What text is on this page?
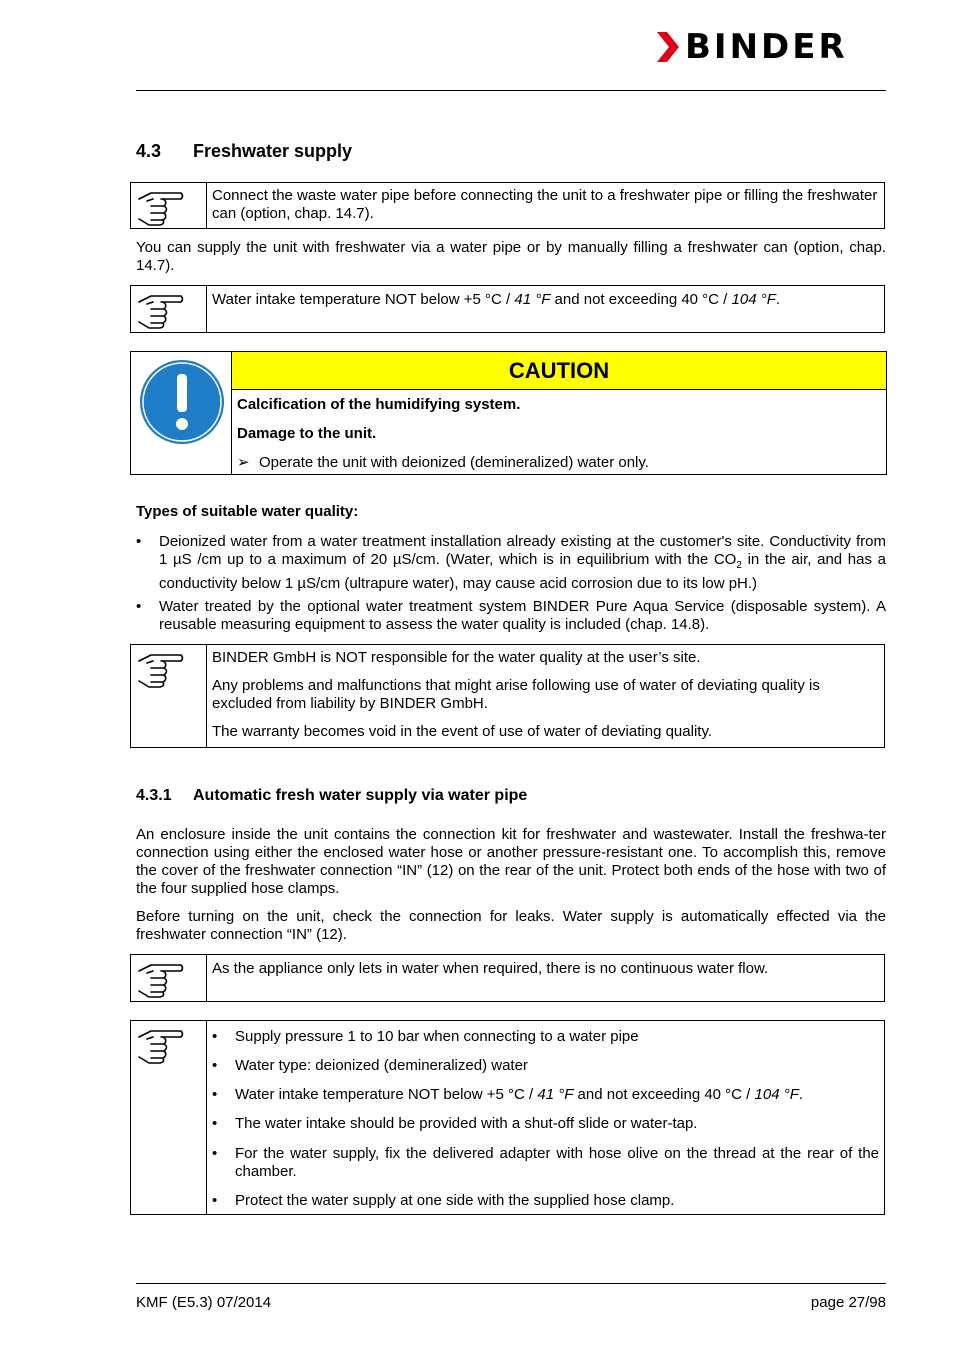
BINDER
4.3 Freshwater supply
Connect the waste water pipe before connecting the unit to a freshwater pipe or filling the freshwater can (option, chap. 14.7).
You can supply the unit with freshwater via a water pipe or by manually filling a freshwater can (option, chap. 14.7).
Water intake temperature NOT below +5 °C / 41 °F and not exceeding 40 °C / 104 °F.
CAUTION
Calcification of the humidifying system.
Damage to the unit.
➢ Operate the unit with deionized (demineralized) water only.
Types of suitable water quality:
•	Deionized water from a water treatment installation already existing at the customer's site. Conductivity from 1 µS /cm up to a maximum of 20 µS/cm. (Water, which is in equilibrium with the $CO_2$ in the air, and has a conductivity below 1 µS/cm (ultrapure water), may cause acid corrosion due to its low pH.)
•	Water treated by the optional water treatment system BINDER Pure Aqua Service (disposable system). A reusable measuring equipment to assess the water quality is included (chap. 14.8).

BINDER GmbH is NOT responsible for the water quality at the user’s site.

Any problems and malfunctions that might arise following use of water of deviating quality is excluded from liability by BINDER GmbH.

The warranty becomes void in the event of use of water of deviating quality.

4.3.1 Automatic fresh water supply via water pipe
An enclosure inside the unit contains the connection kit for freshwater and wastewater. Install the freshwa-ter connection using either the enclosed water hose or another pressure-resistant one. To accomplish this, remove the cover of the freshwater connection “IN” (12) on the rear of the unit. Protect both ends of the hose with two of the four supplied hose clamps.
Before turning on the unit, check the connection for leaks. Water supply is automatically effected via the freshwater connection “IN” (12).
As the appliance only lets in water when required, there is no continuous water flow.
•	Supply pressure 1 to 10 bar when connecting to a water pipe
•	Water type: deionized (demineralized) water
•	Water intake temperature NOT below +5 °C / 41 °F and not exceeding 40 °C / 104 °F.
•	The water intake should be provided with a shut-off slide or water-tap.
•	For the water supply, fix the delivered adapter with hose olive on the thread at the rear of the chamber.
•	Protect the water supply at one side with the supplied hose clamp.
KMF (E5.3) 07/2014	page 27/98
